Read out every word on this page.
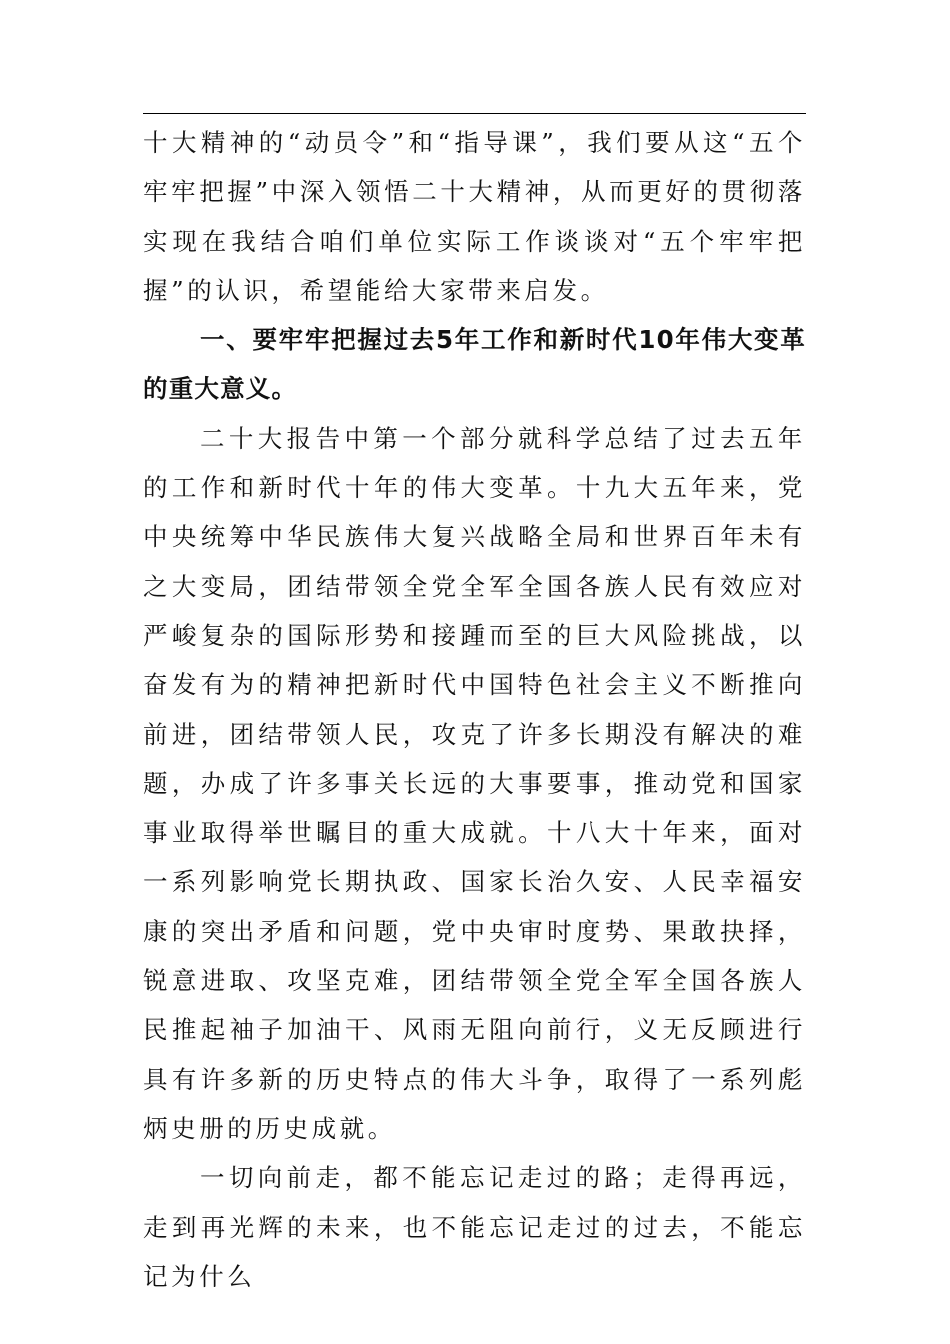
十大精神的“动员令”和“指导课”，我们要从这“五个牢牢把握”中深入领悟二十大精神，从而更好的贯彻落实现在我结合咱们单位实际工作谈谈对“五个牢牢把握”的认识，希望能给大家带来启发。

一、要牢牢把握过去5年工作和新时代10年伟大变革的重大意义。

二十大报告中第一个部分就科学总结了过去五年的工作和新时代十年的伟大变革。十九大五年来，党中央统筹中华民族伟大复兴战略全局和世界百年未有之大变局，团结带领全党全军全国各族人民有效应对严峻复杂的国际形势和接踵而至的巨大风险挑战，以奋发有为的精神把新时代中国特色社会主义不断推向前进，团结带领人民，攻克了许多长期没有解决的难题，办成了许多事关长远的大事要事，推动党和国家事业取得举世瞩目的重大成就。十八大十年来，面对一系列影响党长期执政、国家长治久安、人民幸福安康的突出矛盾和问题，党中央审时度势、果敢抉择，锐意进取、攻坚克难，团结带领全党全军全国各族人民推起袖子加油干、风雨无阻向前行，义无反顾进行具有许多新的历史特点的伟大斗争，取得了一系列彪炳史册的历史成就。

一切向前走，都不能忘记走过的路；走得再远，走到再光辉的未来，也不能忘记走过的过去，不能忘记为什么
